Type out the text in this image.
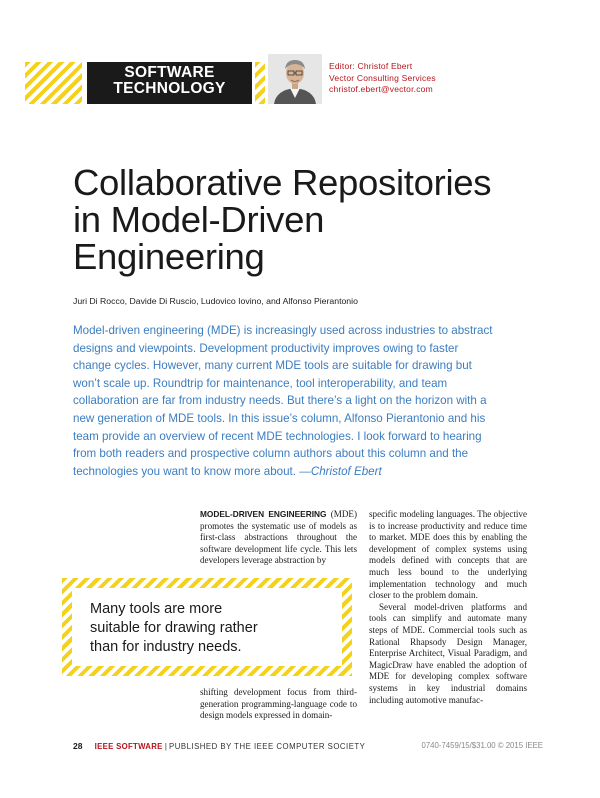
SOFTWARE
TECHNOLOGY
Editor: Christof Ebert
Vector Consulting Services
christof.ebert@vector.com
Collaborative Repositories in Model-Driven Engineering
Juri Di Rocco, Davide Di Ruscio, Ludovico Iovino, and Alfonso Pierantonio

Model-driven engineering (MDE) is increasingly used across industries to abstract designs and viewpoints. Development productivity improves owing to faster change cycles. However, many current MDE tools are suitable for drawing but won’t scale up. Roundtrip for maintenance, tool interoperability, and team collaboration are far from industry needs. But there’s a light on the horizon with a new generation of MDE tools. In this issue’s column, Alfonso Pierantonio and his team provide an overview of recent MDE technologies. I look forward to hearing from both readers and prospective column authors about this column and the technologies you want to know more about. —Christof Ebert

MODEL-DRIVEN ENGINEERING (MDE) promotes the systematic use of models as first-class abstractions throughout the software development life cycle. This lets developers leverage abstraction by

Many tools are more suitable for drawing rather than for industry needs.

shifting development focus from third-generation programming-language code to design models expressed in domain-

specific modeling languages. The objective is to increase productivity and reduce time to market. MDE does this by enabling the development of complex systems using models defined with concepts that are much less bound to the underlying implementation technology and much closer to the problem domain.

Several model-driven platforms and tools can simplify and automate many steps of MDE. Commercial tools such as Rational Rhapsody Design Manager, Enterprise Architect, Visual Paradigm, and MagicDraw have enabled the adoption of MDE for developing complex software systems in key industrial domains including automotive manufac-

28 IEEE SOFTWARE | PUBLISHED BY THE IEEE COMPUTER SOCIETY	0740-7459/15/$31.00 © 2015 IEEE
